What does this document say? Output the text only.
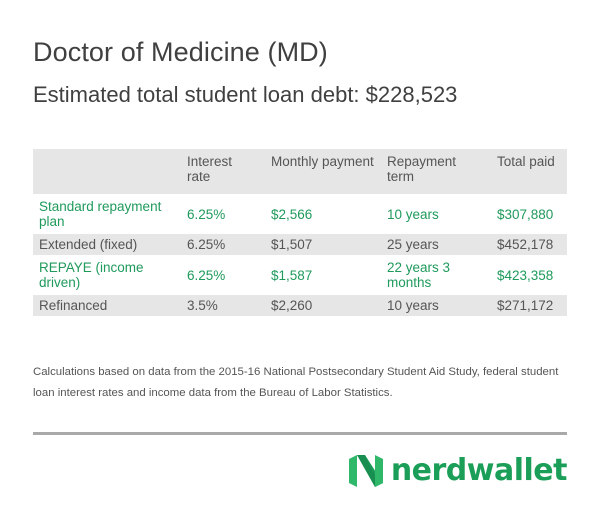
Doctor of Medicine (MD)
Estimated total student loan debt: $228,523
	Interest rate	Monthly payment	Repayment term	Total paid
Standard repayment plan	6.25%	$2,566	10 years	$307,880
Extended (fixed)	6.25%	$1,507	25 years	$452,178
REPAYE (income driven)	6.25%	$1,587	22 years 3 months	$423,358
Refinanced	3.5%	$2,260	10 years	$271,172

Calculations based on data from the 2015-16 National Postsecondary Student Aid Study, federal student loan interest rates and income data from the Bureau of Labor Statistics.

nerdwallet
